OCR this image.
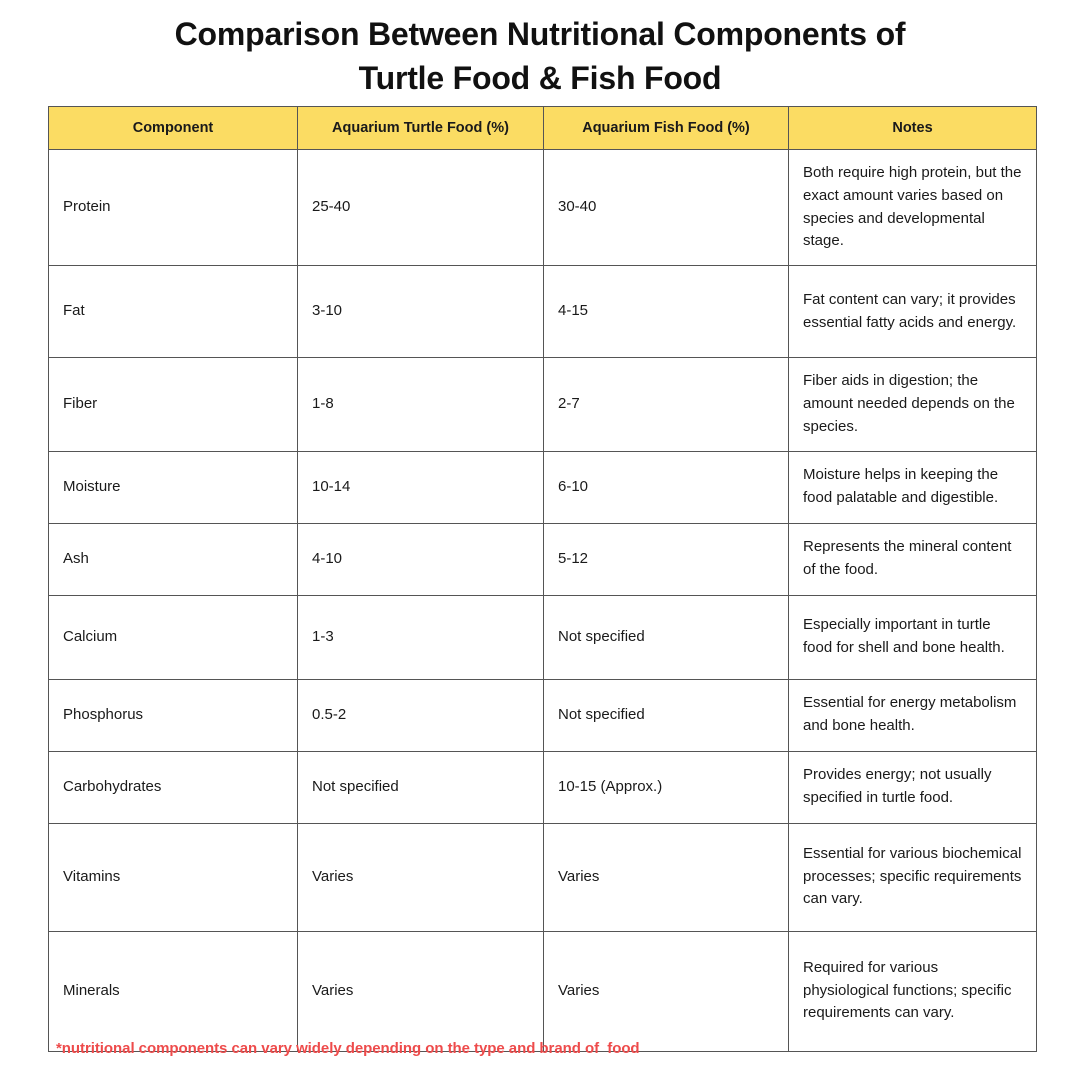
Comparison Between Nutritional Components of
Turtle Food & Fish Food
Component	Aquarium Turtle Food (%)	Aquarium Fish Food (%)	Notes
Protein	25-40	30-40	Both require high protein, but the exact amount varies based on species and developmental stage.
Fat	3-10	4-15	Fat content can vary; it provides essential fatty acids and energy.
Fiber	1-8	2-7	Fiber aids in digestion; the amount needed depends on the species.
Moisture	10-14	6-10	Moisture helps in keeping the food palatable and digestible.
Ash	4-10	5-12	Represents the mineral content of the food.
Calcium	1-3	Not specified	Especially important in turtle food for shell and bone health.
Phosphorus	0.5-2	Not specified	Essential for energy metabolism and bone health.
Carbohydrates	Not specified	10-15 (Approx.)	Provides energy; not usually specified in turtle food.
Vitamins	Varies	Varies	Essential for various biochemical processes; specific requirements can vary.
Minerals	Varies	Varies	Required for various physiological functions; specific requirements can vary.
*nutritional components can vary widely depending on the type and brand of  food
